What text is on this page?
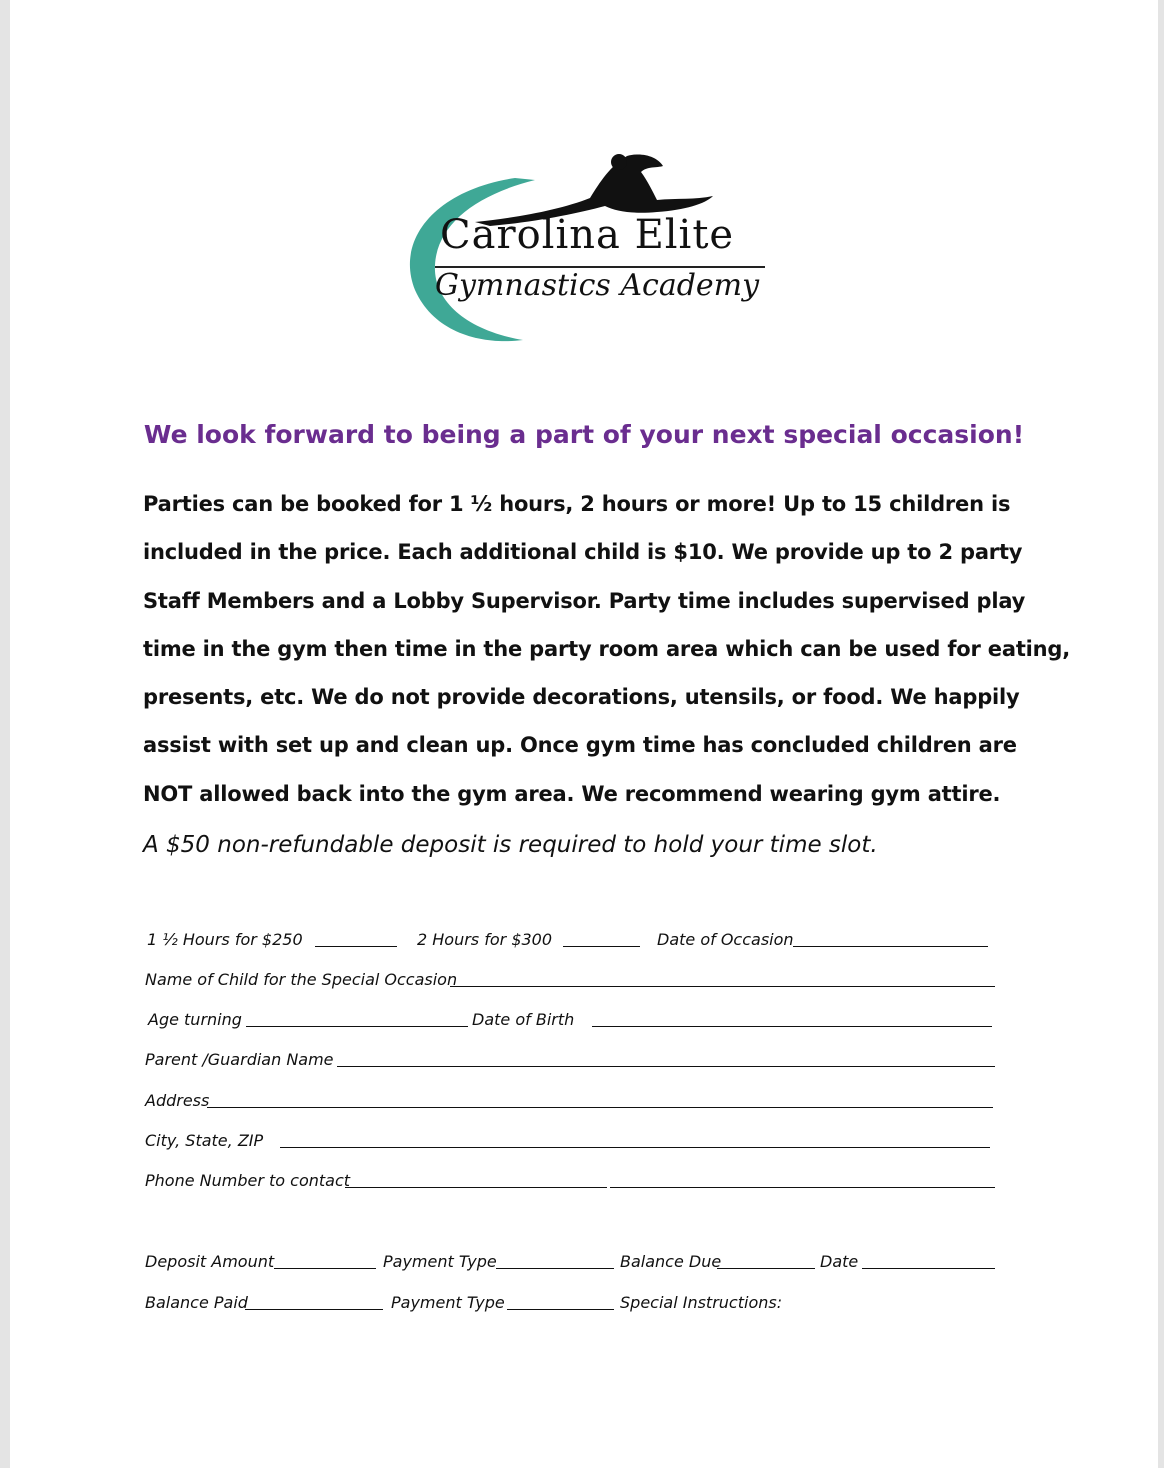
Carolina Elite
Gymnastics Academy
We look forward to being a part of your next special occasion!
Parties can be booked for 1 ½ hours, 2 hours or more! Up to 15 children is
included in the price. Each additional child is $10. We provide up to 2 party
Staff Members and a Lobby Supervisor. Party time includes supervised play
time in the gym then time in the party room area which can be used for eating,
presents, etc. We do not provide decorations, utensils, or food. We happily
assist with set up and clean up. Once gym time has concluded children are
NOT allowed back into the gym area. We recommend wearing gym attire.
A $50 non-refundable deposit is required to hold your time slot.
1 ½ Hours for $250	2 Hours for $300	Date of Occasion
Name of Child for the Special Occasion
Age turning	Date of Birth
Parent /Guardian Name
Address
City, State, ZIP
Phone Number to contact
Deposit Amount	Payment Type	Balance Due	Date
Balance Paid	Payment Type	Special Instructions:
